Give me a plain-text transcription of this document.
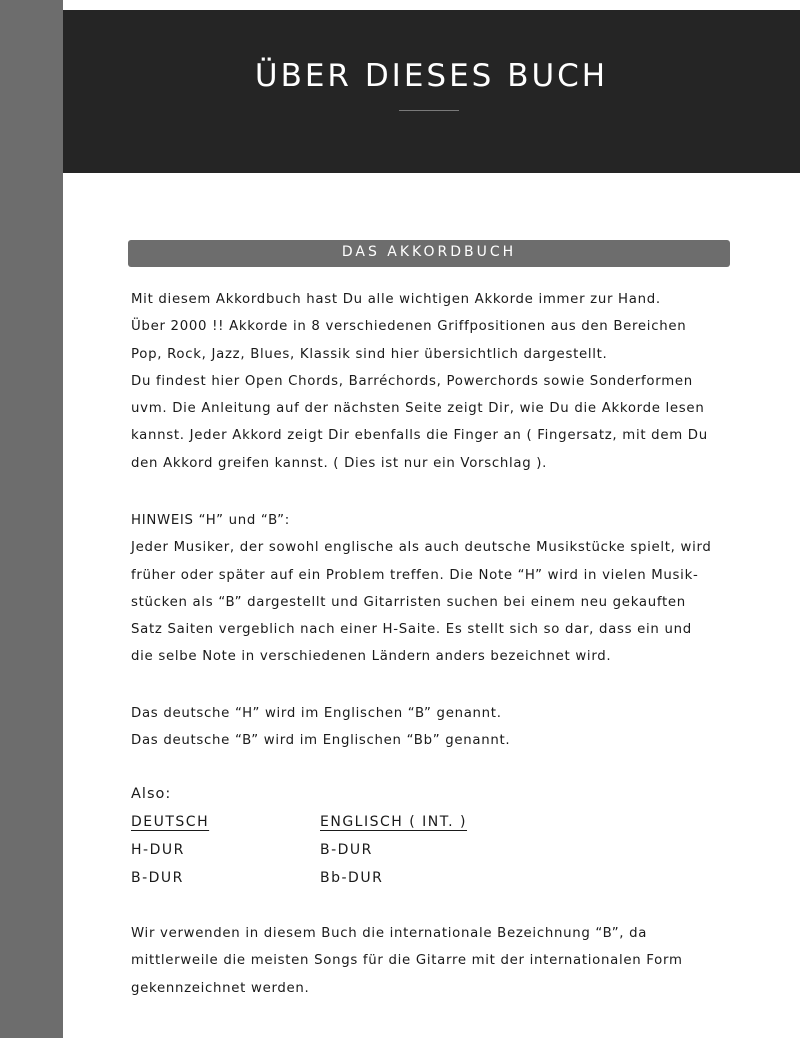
ÜBER DIESES BUCH
DAS AKKORDBUCH
Mit diesem Akkordbuch hast Du alle wichtigen Akkorde immer zur Hand.
Über 2000 !! Akkorde in 8 verschiedenen Griffpositionen aus den Bereichen
Pop, Rock, Jazz, Blues, Klassik sind hier übersichtlich dargestellt.
Du findest hier Open Chords, Barréchords, Powerchords sowie Sonderformen
uvm. Die Anleitung auf der nächsten Seite zeigt Dir, wie Du die Akkorde lesen
kannst. Jeder Akkord zeigt Dir ebenfalls die Finger an ( Fingersatz, mit dem Du
den Akkord greifen kannst. ( Dies ist nur ein Vorschlag ).
HINWEIS “H” und “B”:
Jeder Musiker, der sowohl englische als auch deutsche Musikstücke spielt, wird
früher oder später auf ein Problem treffen. Die Note “H” wird in vielen Musik-
stücken als “B” dargestellt und Gitarristen suchen bei einem neu gekauften
Satz Saiten vergeblich nach einer H-Saite. Es stellt sich so dar, dass ein und
die selbe Note in verschiedenen Ländern anders bezeichnet wird.
Das deutsche “H” wird im Englischen “B” genannt.
Das deutsche “B” wird im Englischen “Bb” genannt.
Also:
DEUTSCH
H-DUR
B-DUR
ENGLISCH ( INT. )
B-DUR
Bb-DUR
Wir verwenden in diesem Buch die internationale Bezeichnung “B”, da
mittlerweile die meisten Songs für die Gitarre mit der internationalen Form
gekennzeichnet werden.
